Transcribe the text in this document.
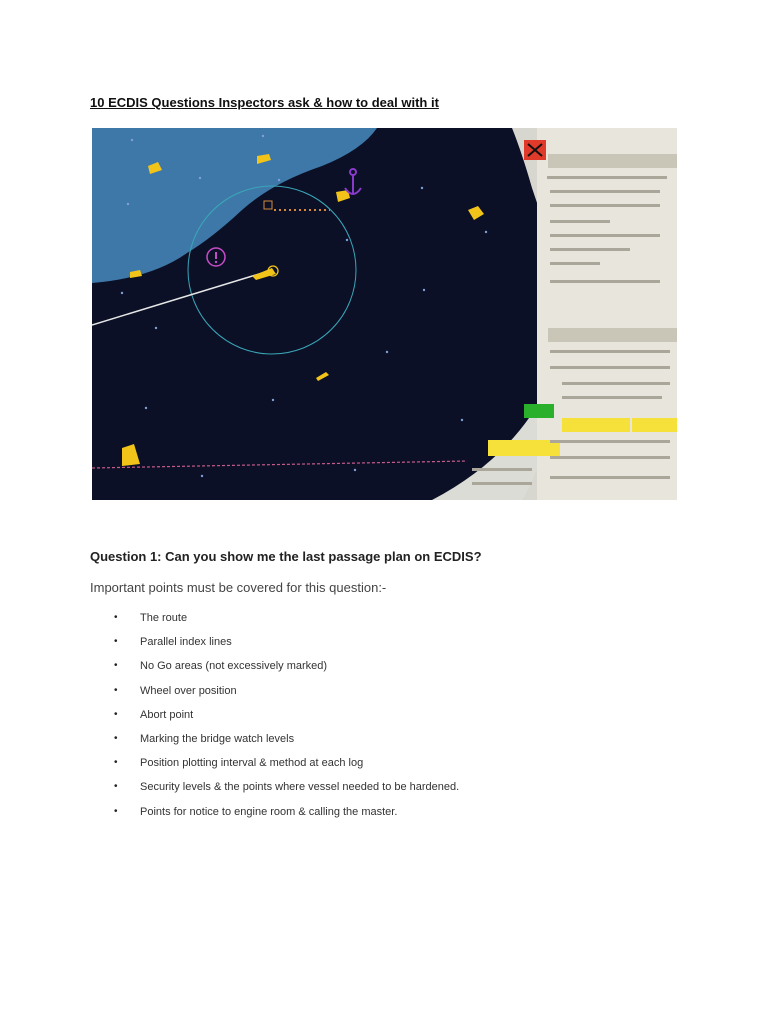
10 ECDIS Questions Inspectors ask & how to deal with it
Question 1: Can you show me the last passage plan on ECDIS?

Important points must be covered for this question:-

• The route
• Parallel index lines
• No Go areas (not excessively marked)
• Wheel over position
• Abort point
• Marking the bridge watch levels
• Position plotting interval & method at each log
• Security levels & the points where vessel needed to be hardened.
• Points for notice to engine room & calling the master.
